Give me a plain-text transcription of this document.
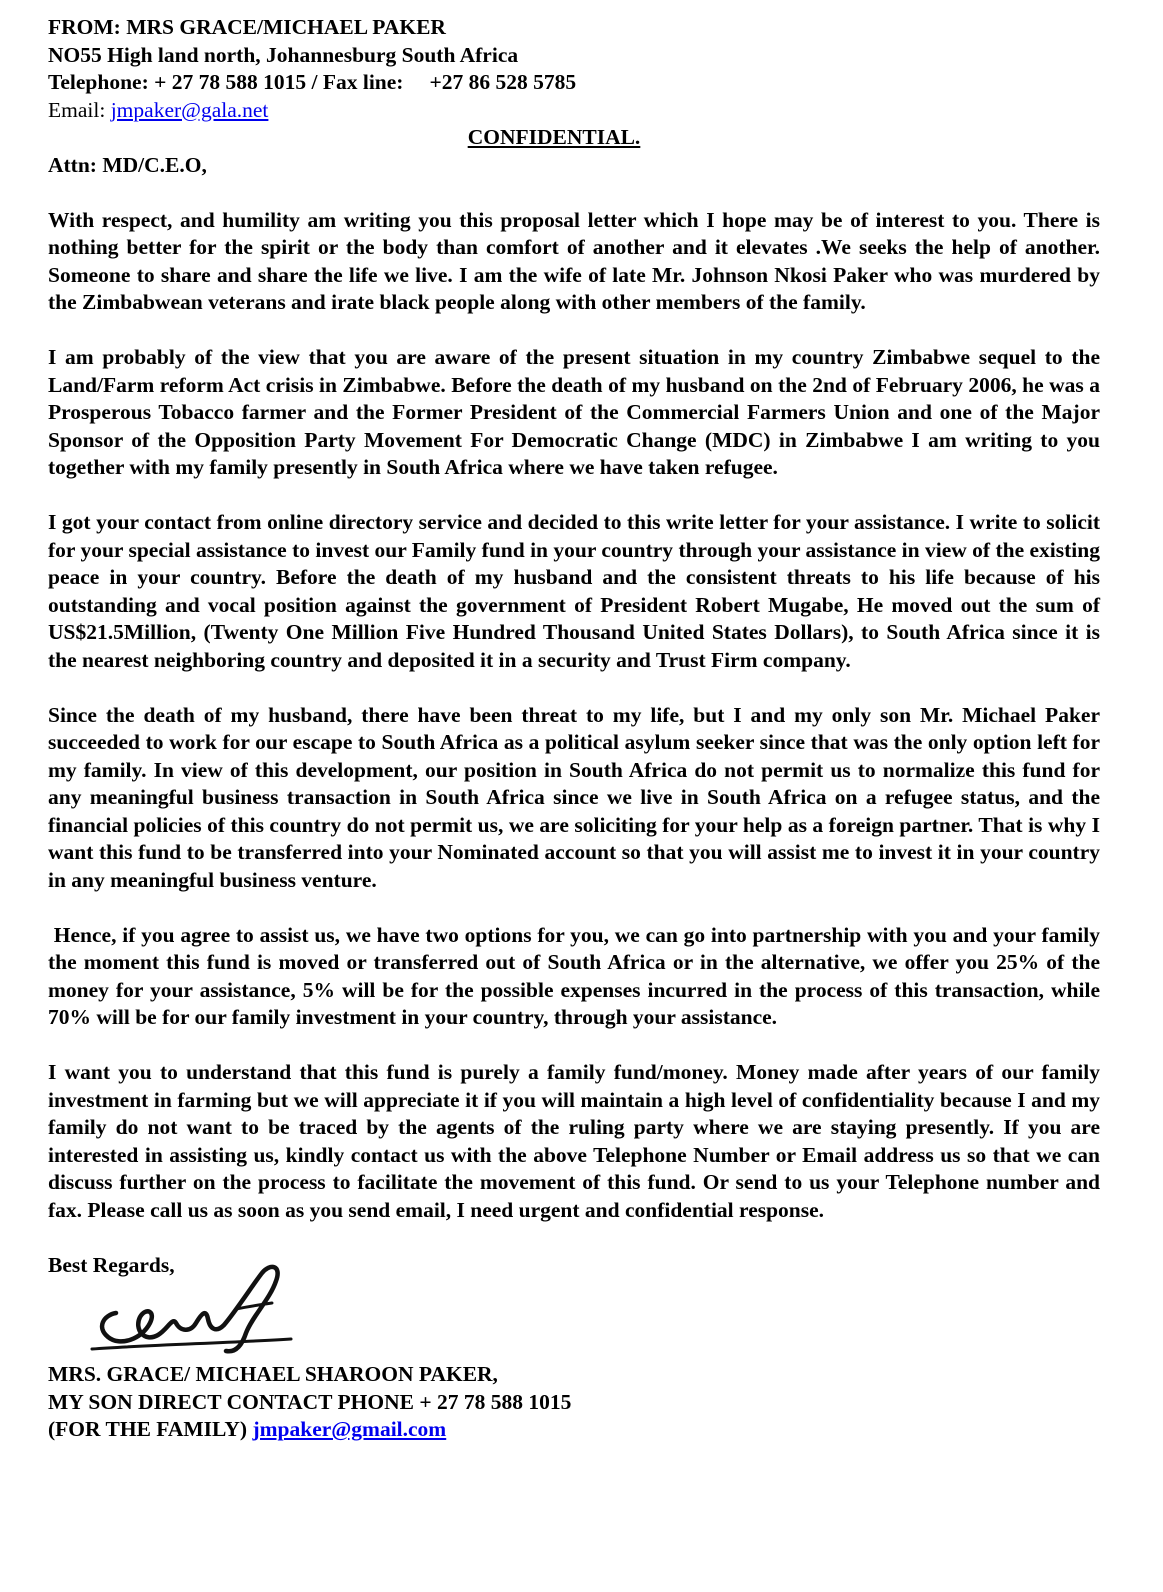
FROM: MRS GRACE/MICHAEL PAKER
NO55 High land north, Johannesburg South Africa
Telephone: + 27 78 588 1015 / Fax line: +27 86 528 5785
Email: jmpaker@gala.net
CONFIDENTIAL.
Attn: MD/C.E.O,

With respect, and humility am writing you this proposal letter which I hope may be of interest to you. There is nothing better for the spirit or the body than comfort of another and it elevates .We seeks the help of another. Someone to share and share the life we live. I am the wife of late Mr. Johnson Nkosi Paker who was murdered by the Zimbabwean veterans and irate black people along with other members of the family.

I am probably of the view that you are aware of the present situation in my country Zimbabwe sequel to the Land/Farm reform Act crisis in Zimbabwe. Before the death of my husband on the 2nd of February 2006, he was a Prosperous Tobacco farmer and the Former President of the Commercial Farmers Union and one of the Major Sponsor of the Opposition Party Movement For Democratic Change (MDC) in Zimbabwe I am writing to you together with my family presently in South Africa where we have taken refugee.

I got your contact from online directory service and decided to this write letter for your assistance. I write to solicit for your special assistance to invest our Family fund in your country through your assistance in view of the existing peace in your country. Before the death of my husband and the consistent threats to his life because of his outstanding and vocal position against the government of President Robert Mugabe, He moved out the sum of US$21.5Million, (Twenty One Million Five Hundred Thousand United States Dollars), to South Africa since it is the nearest neighboring country and deposited it in a security and Trust Firm company.

Since the death of my husband, there have been threat to my life, but I and my only son Mr. Michael Paker succeeded to work for our escape to South Africa as a political asylum seeker since that was the only option left for my family. In view of this development, our position in South Africa do not permit us to normalize this fund for any meaningful business transaction in South Africa since we live in South Africa on a refugee status, and the financial policies of this country do not permit us, we are soliciting for your help as a foreign partner. That is why I want this fund to be transferred into your Nominated account so that you will assist me to invest it in your country in any meaningful business venture.

Hence, if you agree to assist us, we have two options for you, we can go into partnership with you and your family the moment this fund is moved or transferred out of South Africa or in the alternative, we offer you 25% of the money for your assistance, 5% will be for the possible expenses incurred in the process of this transaction, while 70% will be for our family investment in your country, through your assistance.

I want you to understand that this fund is purely a family fund/money. Money made after years of our family investment in farming but we will appreciate it if you will maintain a high level of confidentiality because I and my family do not want to be traced by the agents of the ruling party where we are staying presently. If you are interested in assisting us, kindly contact us with the above Telephone Number or Email address us so that we can discuss further on the process to facilitate the movement of this fund. Or send to us your Telephone number and fax. Please call us as soon as you send email, I need urgent and confidential response.

Best Regards,
MRS. GRACE/ MICHAEL SHAROON PAKER,
MY SON DIRECT CONTACT PHONE + 27 78 588 1015
(FOR THE FAMILY) jmpaker@gmail.com
